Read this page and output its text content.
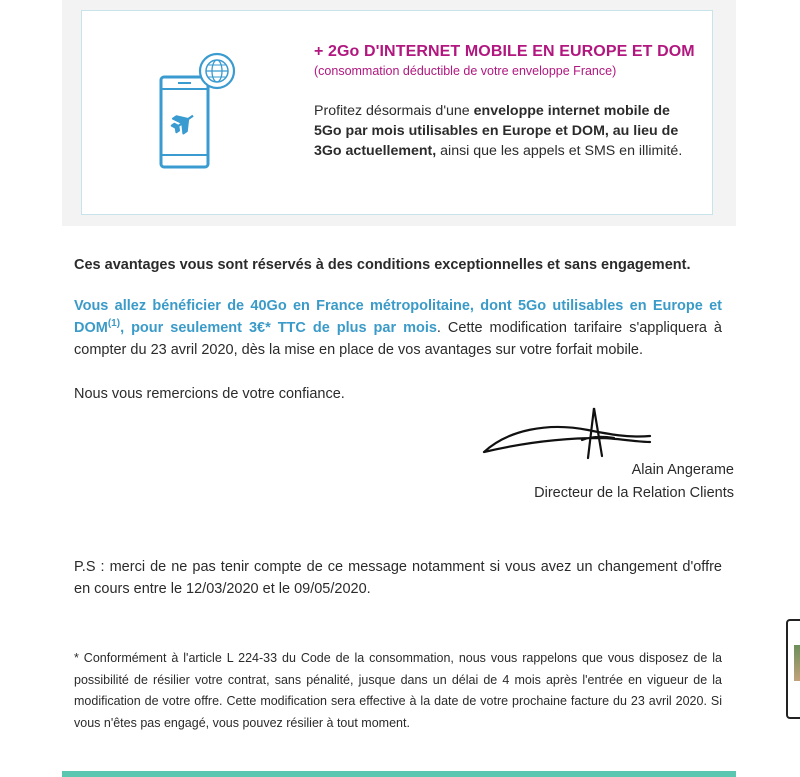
+ 2Go D'INTERNET MOBILE EN EUROPE ET DOM
(consommation déductible de votre enveloppe France)
Profitez désormais d'une enveloppe internet mobile de 5Go par mois utilisables en Europe et DOM, au lieu de 3Go actuellement, ainsi que les appels et SMS en illimité.
Ces avantages vous sont réservés à des conditions exceptionnelles et sans engagement.
Vous allez bénéficier de 40Go en France métropolitaine, dont 5Go utilisables en Europe et DOM$^{(1)}$, pour seulement 3€* TTC de plus par mois. Cette modification tarifaire s'appliquera à compter du 23 avril 2020, dès la mise en place de vos avantages sur votre forfait mobile.
Nous vous remercions de votre confiance.
Alain Angerame
Directeur de la Relation Clients
P.S : merci de ne pas tenir compte de ce message notamment si vous avez un changement d'offre en cours entre le 12/03/2020 et le 09/05/2020.
* Conformément à l'article L 224-33 du Code de la consommation, nous vous rappelons que vous disposez de la possibilité de résilier votre contrat, sans pénalité, jusque dans un délai de 4 mois après l'entrée en vigueur de la modification de votre offre. Cette modification sera effective à la date de votre prochaine facture du 23 avril 2020. Si vous n'êtes pas engagé, vous pouvez résilier à tout moment.
